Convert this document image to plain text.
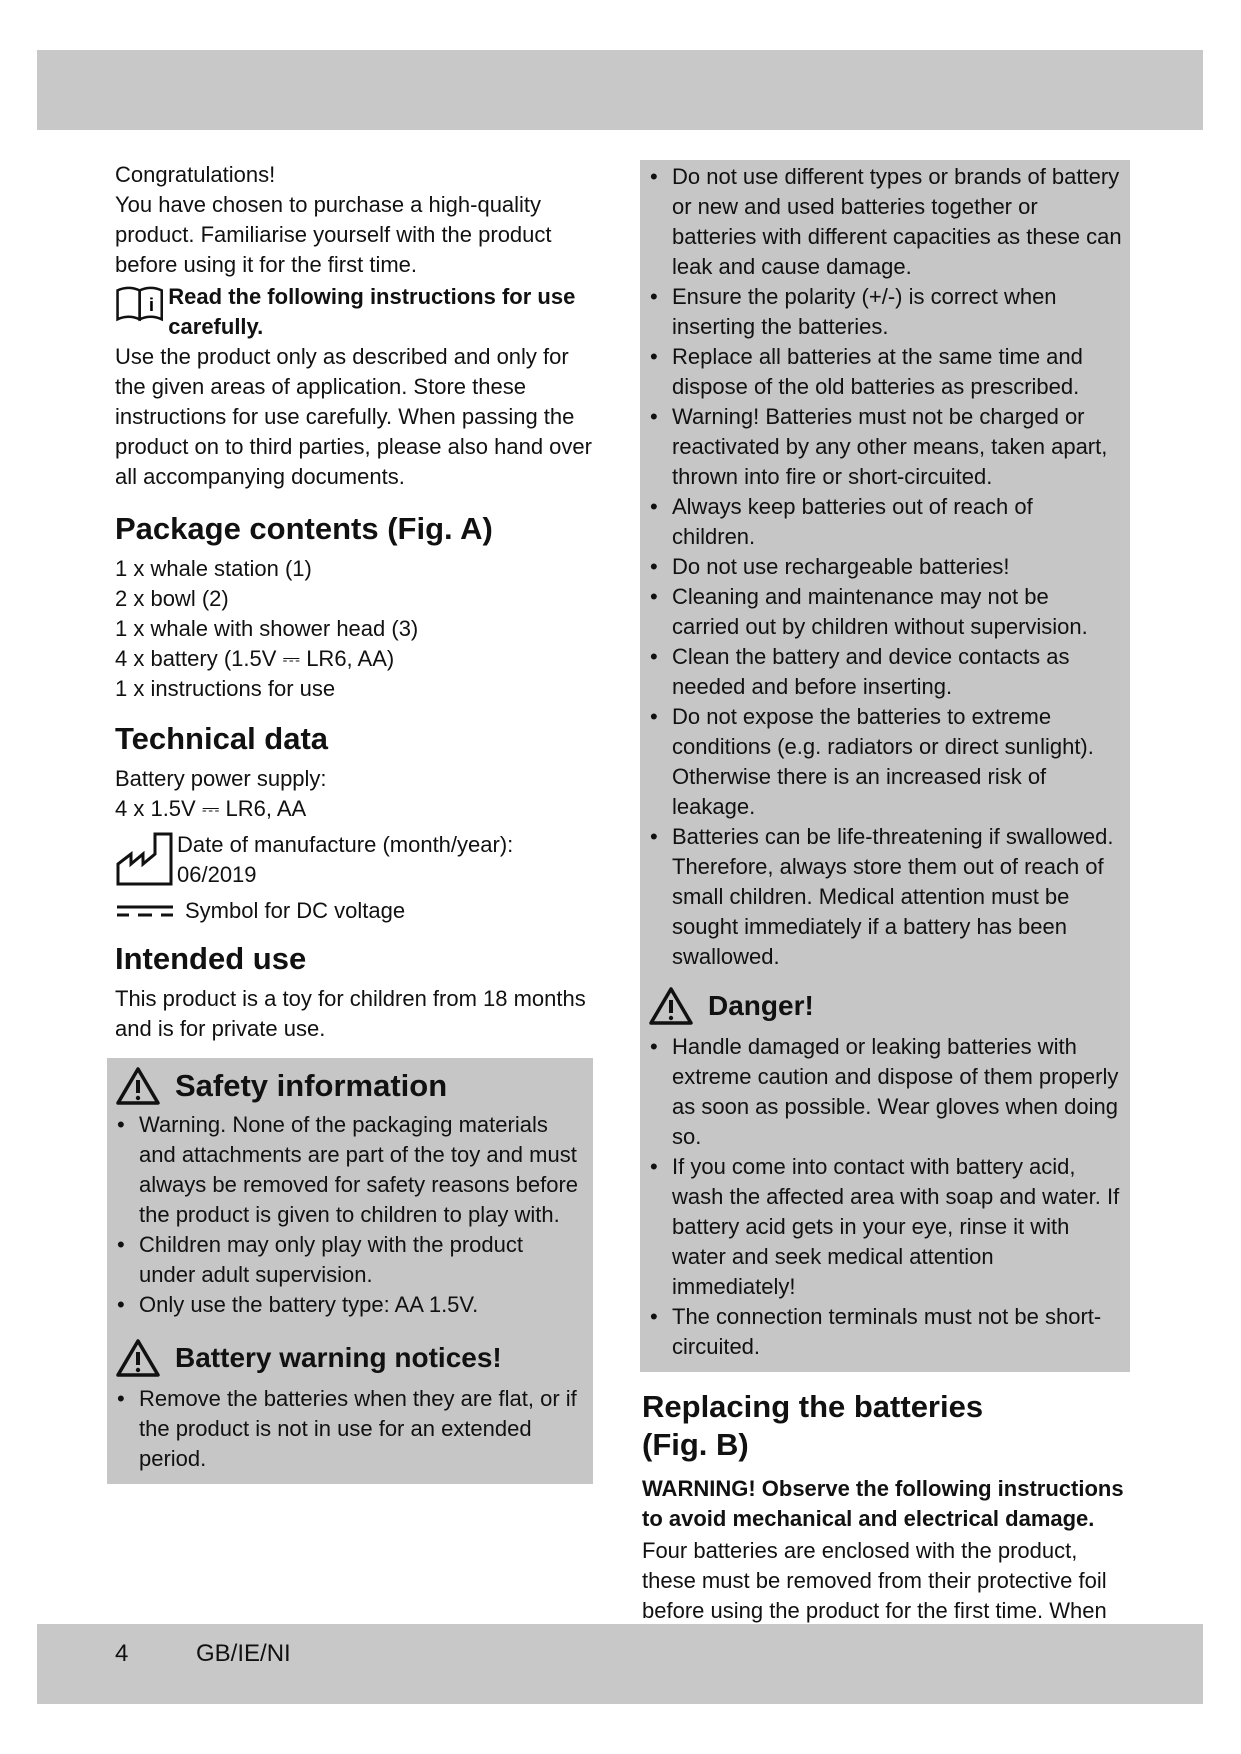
Congratulations!

You have chosen to purchase a high-quality product. Familiarise yourself with the product before using it for the first time.

i Read the following instructions for use carefully.

Use the product only as described and only for the given areas of application. Store these instructions for use carefully. When passing the product on to third parties, please also hand over all accompanying documents.

Package contents (Fig. A)

1 x whale station (1)

2 x bowl (2)

1 x whale with shower head (3)

4 x battery (1.5V ⎓ LR6, AA)

1 x instructions for use

Technical data

Battery power supply:

4 x 1.5V ⎓ LR6, AA

Date of manufacture (month/year):

06/2019

Symbol for DC voltage

Intended use

This product is a toy for children from 18 months and is for private use.

Safety information
• Warning. None of the packaging materials and attachments are part of the toy and must always be removed for safety reasons before the product is given to children to play with.
• Children may only play with the product under adult supervision.
• Only use the battery type: AA 1.5V.
Battery warning notices!
• Remove the batteries when they are flat, or if the product is not in use for an extended period.
• Do not use different types or brands of battery or new and used batteries together or batteries with different capacities as these can leak and cause damage.
• Ensure the polarity (+/-) is correct when inserting the batteries.
• Replace all batteries at the same time and dispose of the old batteries as prescribed.
• Warning! Batteries must not be charged or reactivated by any other means, taken apart, thrown into fire or short-circuited.
• Always keep batteries out of reach of children.
• Do not use rechargeable batteries!
• Cleaning and maintenance may not be carried out by children without supervision.
• Clean the battery and device contacts as needed and before inserting.
• Do not expose the batteries to extreme conditions (e.g. radiators or direct sunlight). Otherwise there is an increased risk of leakage.
• Batteries can be life-threatening if swallowed. Therefore, always store them out of reach of small children. Medical attention must be sought immediately if a battery has been swallowed.
Danger!
• Handle damaged or leaking batteries with extreme caution and dispose of them properly as soon as possible. Wear gloves when doing so.
• If you come into contact with battery acid, wash the affected area with soap and water. If battery acid gets in your eye, rinse it with water and seek medical attention immediately!
• The connection terminals must not be short-circuited.
Replacing the batteries (Fig. B)

WARNING! Observe the following instructions to avoid mechanical and electrical damage.

Four batteries are enclosed with the product, these must be removed from their protective foil before using the product for the first time. When

4	GB/IE/NI
